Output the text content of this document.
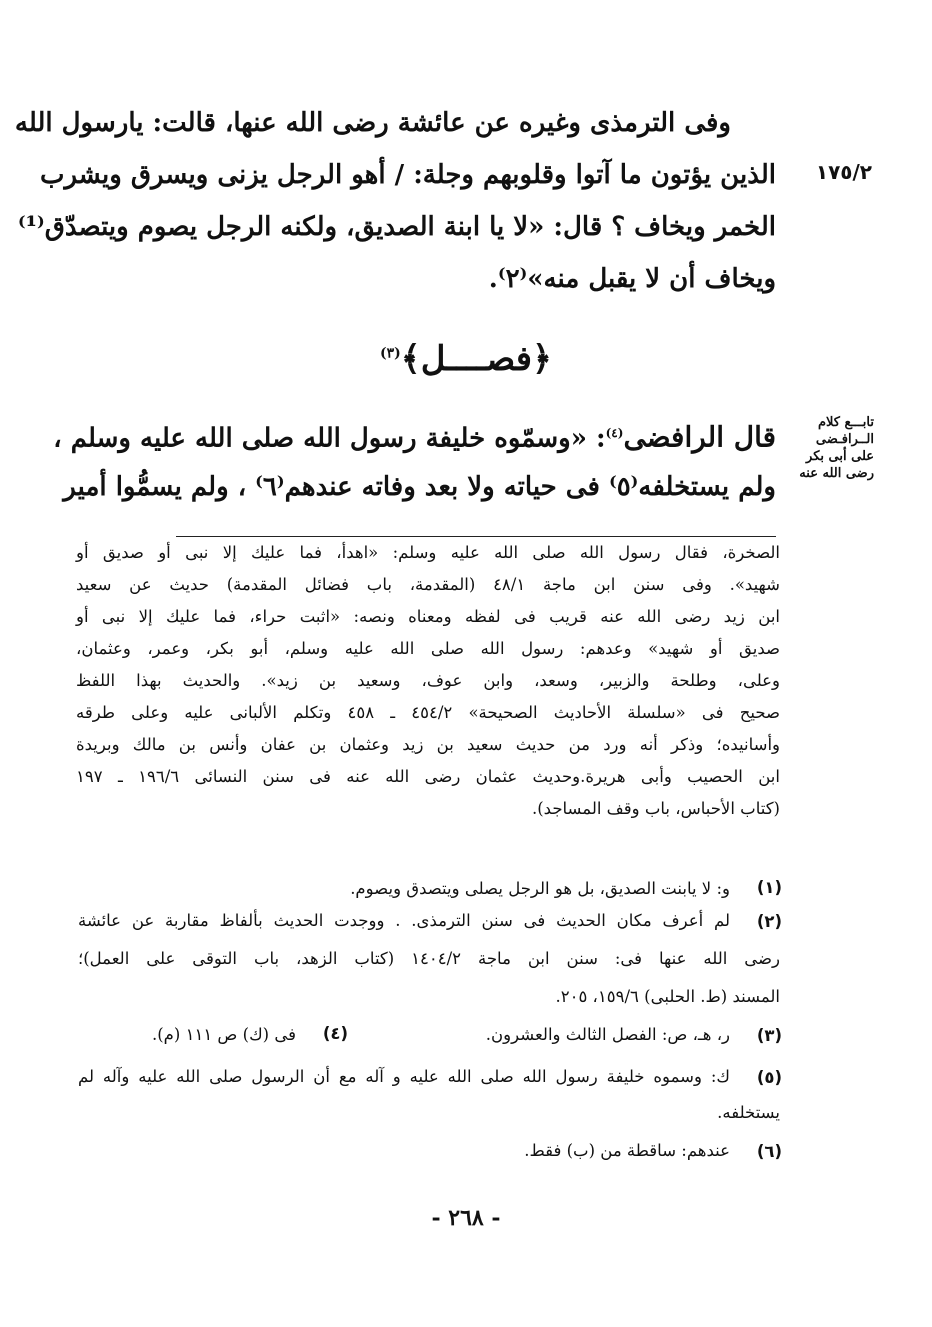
وفى الترمذى وغيره عن عائشة رضى الله عنها، قالت: يارسول الله
١٧٥/٢
الذين يؤتون ما آتوا وقلوبهم وجلة: / أهو الرجل يزنى ويسرق ويشرب
الخمر ويخاف ؟ قال: «لا يا ابنة الصديق، ولكنه الرجل يصوم ويتصدّق⁽¹⁾
ويخاف أن لا يقبل منه»⁽٢⁾.
﴿فصــــل﴾$^{(٣)}$
تابـــع كلام الــرافـضى على أبى بكر رضى الله عنه
قال الرافضى$^{(٤)}$: «وسمّوه خليفة رسول الله صلى الله عليه وسلم ،
ولم يستخلفه⁽٥⁾ فى حياته ولا بعد وفاته عندهم⁽٦⁾ ، ولم يسمُّوا أمير
الصخرة، فقال رسول الله صلى الله عليه وسلم: «اهدأ، فما عليك إلا نبى أو صديق أو
شهيد». وفى سنن ابن ماجة ٤٨/١ (المقدمة، باب فضائل المقدمة) حديث عن سعيد
ابن زيد رضى الله عنه قريب فى لفظه ومعناه ونصه: «اثبت حراء، فما عليك إلا نبى أو
صديق أو شهيد» وعدهم: رسول الله صلى الله عليه وسلم، أبو بكر، وعمر، وعثمان،
وعلى، وطلحة والزبير، وسعد، وابن عوف، وسعيد بن زيد». والحديث بهذا اللفظ
صحيح فى «سلسلة الأحاديث الصحيحة» ٤٥٤/٢ ـ ٤٥٨ وتكلم الألبانى عليه وعلى طرقه
وأسانيده؛ وذكر أنه ورد من حديث سعيد بن زيد وعثمان بن عفان وأنس بن مالك وبريدة
ابن الحصيب وأبى هريرة.وحديث عثمان رضى الله عنه فى سنن النسائى ١٩٦/٦ ـ ١٩٧
(كتاب الأحباس، باب وقف المساجد).
(١)
و: لا يابنت الصديق، بل هو الرجل يصلى ويتصدق ويصوم.
(٢)
لم أعرف مكان الحديث فى سنن الترمذى. . ووجدت الحديث بألفاظ مقاربة عن عائشة
رضى الله عنها فى: سنن ابن ماجة ١٤٠٤/٢ (كتاب الزهد، باب التوقى على العمل)؛
المسند (ط. الحلبى) ١٥٩/٦، ٢٠٥.
(٣)
ر، هـ، ص: الفصل الثالث والعشرون.
(٤)
فى (ك) ص ١١١ (م).
(٥)
ك: وسموه خليفة رسول الله صلى الله عليه و آله مع أن الرسول صلى الله عليه وآله لم
يستخلفه.
(٦)
عندهم: ساقطة من (ب) فقط.
- ٢٦٨ -
